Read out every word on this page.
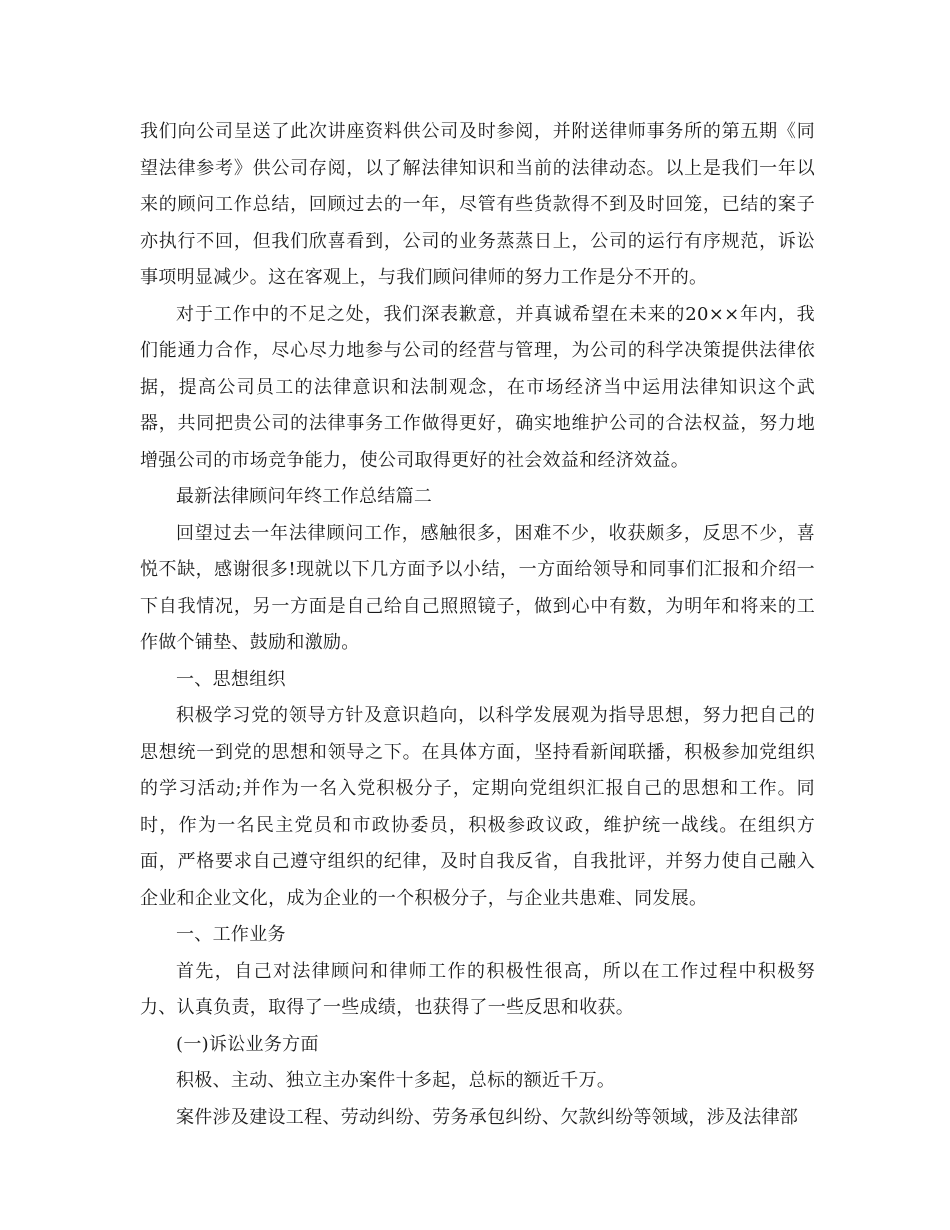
我们向公司呈送了此次讲座资料供公司及时参阅，并附送律师事务所的第五期《同望法律参考》供公司存阅，以了解法律知识和当前的法律动态。以上是我们一年以来的顾问工作总结，回顾过去的一年，尽管有些货款得不到及时回笼，已结的案子亦执行不回，但我们欣喜看到，公司的业务蒸蒸日上，公司的运行有序规范，诉讼事项明显减少。这在客观上，与我们顾问律师的努力工作是分不开的。

对于工作中的不足之处，我们深表歉意，并真诚希望在未来的20××年内，我们能通力合作，尽心尽力地参与公司的经营与管理，为公司的科学决策提供法律依据，提高公司员工的法律意识和法制观念，在市场经济当中运用法律知识这个武器，共同把贵公司的法律事务工作做得更好，确实地维护公司的合法权益，努力地增强公司的市场竞争能力，使公司取得更好的社会效益和经济效益。

最新法律顾问年终工作总结篇二

回望过去一年法律顾问工作，感触很多，困难不少，收获颇多，反思不少，喜悦不缺，感谢很多!现就以下几方面予以小结，一方面给领导和同事们汇报和介绍一下自我情况，另一方面是自己给自己照照镜子，做到心中有数，为明年和将来的工作做个铺垫、鼓励和激励。

一、思想组织

积极学习党的领导方针及意识趋向，以科学发展观为指导思想，努力把自己的思想统一到党的思想和领导之下。在具体方面，坚持看新闻联播，积极参加党组织的学习活动;并作为一名入党积极分子，定期向党组织汇报自己的思想和工作。同时，作为一名民主党员和市政协委员，积极参政议政，维护统一战线。在组织方面，严格要求自己遵守组织的纪律，及时自我反省，自我批评，并努力使自己融入企业和企业文化，成为企业的一个积极分子，与企业共患难、同发展。

一、工作业务

首先，自己对法律顾问和律师工作的积极性很高，所以在工作过程中积极努力、认真负责，取得了一些成绩，也获得了一些反思和收获。

(一)诉讼业务方面

积极、主动、独立主办案件十多起，总标的额近千万。

案件涉及建设工程、劳动纠纷、劳务承包纠纷、欠款纠纷等领域，涉及法律部
